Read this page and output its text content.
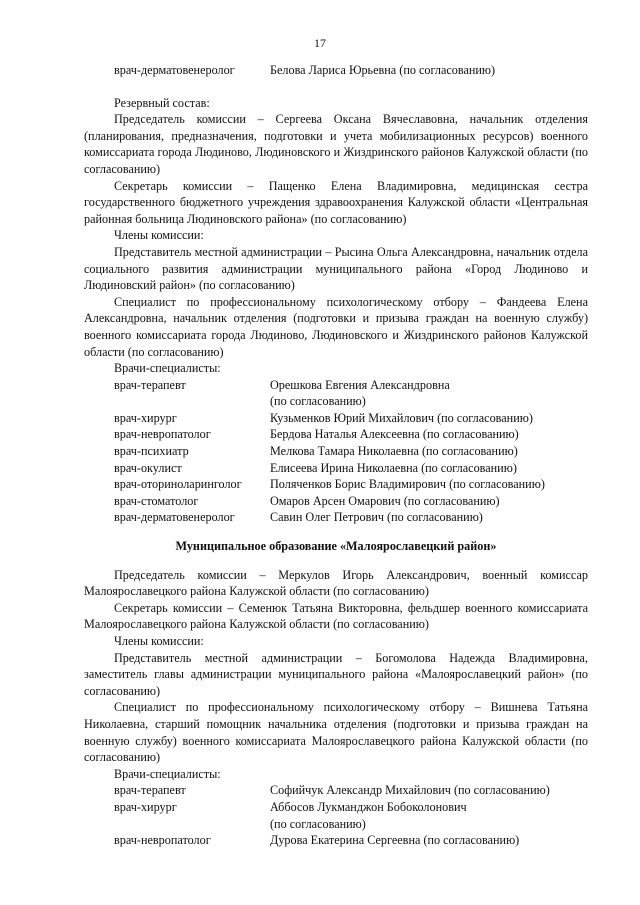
17
врач-дерматовенеролог	Белова Лариса Юрьевна (по согласованию)

Резервный состав:

Председатель комиссии – Сергеева Оксана Вячеславовна, начальник отделения (планирования, предназначения, подготовки и учета мобилизационных ресурсов) военного комиссариата города Людиново, Людиновского и Жиздринского районов Калужской области (по согласованию)

Секретарь комиссии – Пащенко Елена Владимировна, медицинская сестра государственного бюджетного учреждения здравоохранения Калужской области «Центральная районная больница Людиновского района» (по согласованию)

Члены комиссии:

Представитель местной администрации – Рысина Ольга Александровна, начальник отдела социального развития администрации муниципального района «Город Людиново и Людиновский район» (по согласованию)

Специалист по профессиональному психологическому отбору – Фандеева Елена Александровна, начальник отделения (подготовки и призыва граждан на военную службу) военного комиссариата города Людиново, Людиновского и Жиздринского районов Калужской области (по согласованию)

Врачи-специалисты:

врач-терапевт	Орешкова Евгения Александровна
(по согласованию)
врач-хирург	Кузьменков Юрий Михайлович (по согласованию)
врач-невропатолог	Бердова Наталья Алексеевна (по согласованию)
врач-психиатр	Мелкова Тамара Николаевна (по согласованию)
врач-окулист	Елисеева Ирина Николаевна (по согласованию)
врач-оториноларинголог	Поляченков Борис Владимирович (по согласованию)
врач-стоматолог	Омаров Арсен Омарович (по согласованию)
врач-дерматовенеролог	Савин Олег Петрович (по согласованию)

Муниципальное образование «Малоярославецкий район»

Председатель комиссии – Меркулов Игорь Александрович, военный комиссар Малоярославецкого района Калужской области (по согласованию)

Секретарь комиссии – Семенюк Татьяна Викторовна, фельдшер военного комиссариата Малоярославецкого района Калужской области (по согласованию)

Члены комиссии:

Представитель местной администрации – Богомолова Надежда Владимировна, заместитель главы администрации муниципального района «Малоярославецкий район» (по согласованию)

Специалист по профессиональному психологическому отбору – Вишнева Татьяна Николаевна, старший помощник начальника отделения (подготовки и призыва граждан на военную службу) военного комиссариата Малоярославецкого района Калужской области (по согласованию)

Врачи-специалисты:

врач-терапевт	Софийчук Александр Михайлович (по согласованию)
врач-хирург	Аббосов Лукманджон Бобоколонович
(по согласованию)
врач-невропатолог	Дурова Екатерина Сергеевна (по согласованию)
